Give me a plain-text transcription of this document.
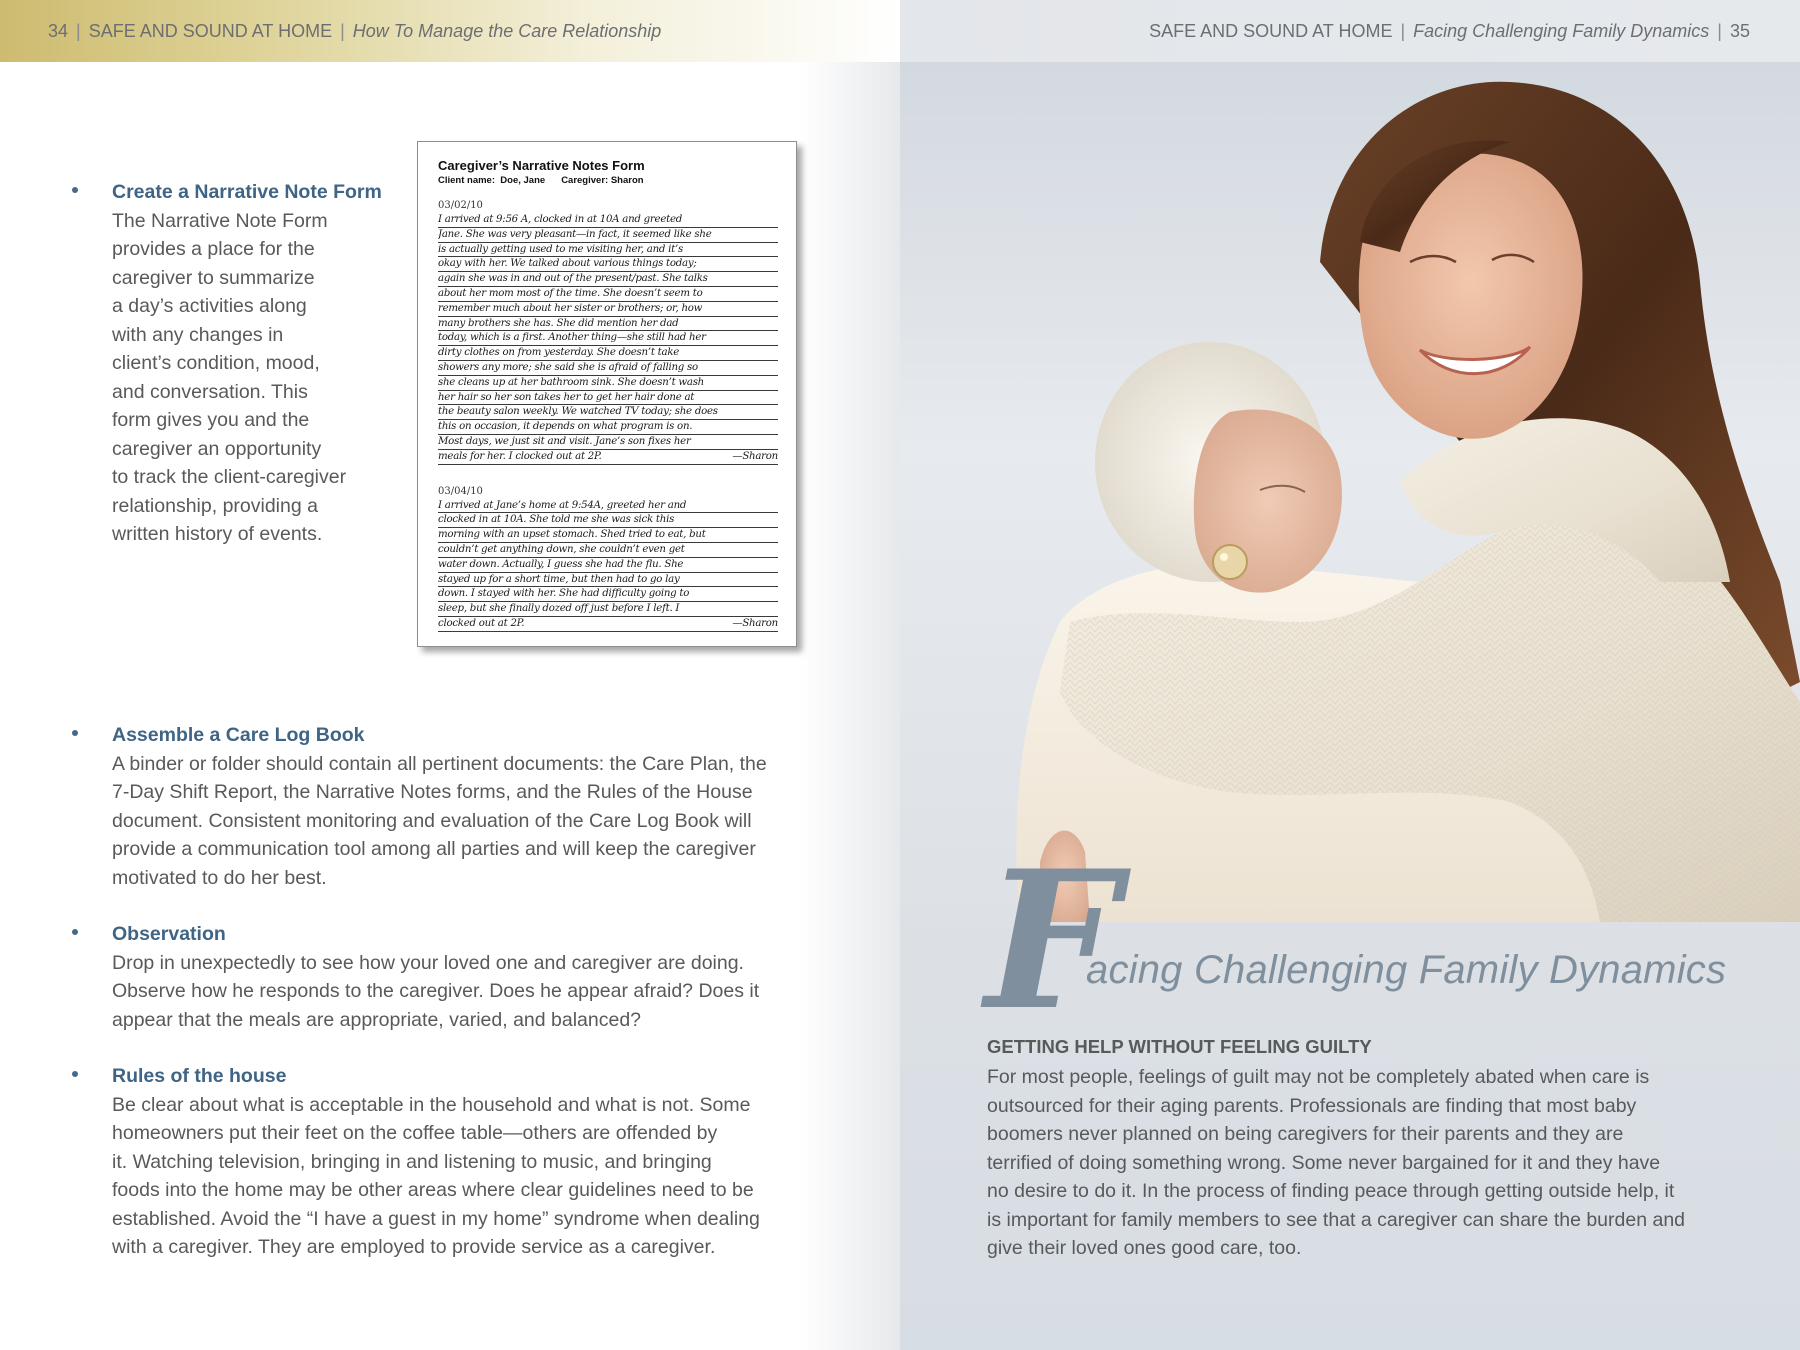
34 | SAFE AND SOUND AT HOME | How To Manage the Care Relationship	SAFE AND SOUND AT HOME | Facing Challenging Family Dynamics | 35
Create a Narrative Note Form
The Narrative Note Form
provides a place for the
caregiver to summarize
a day’s activities along
with any changes in
client’s condition, mood,
and conversation. This
form gives you and the
caregiver an opportunity
to track the client-caregiver
relationship, providing a
written history of events.
Caregiver’s Narrative Notes Form
Client name: Doe, Jane Caregiver: Sharon
03/02/10
I arrived at 9:56 A, clocked in at 10A and greeted
Jane. She was very pleasant—in fact, it seemed like she
is actually getting used to me visiting her, and it’s
okay with her. We talked about various things today;
again she was in and out of the present/past. She talks
about her mom most of the time. She doesn’t seem to
remember much about her sister or brothers; or, how
many brothers she has. She did mention her dad
today, which is a first. Another thing—she still had her
dirty clothes on from yesterday. She doesn’t take
showers any more; she said she is afraid of falling so
she cleans up at her bathroom sink. She doesn’t wash
her hair so her son takes her to get her hair done at
the beauty salon weekly. We watched TV today; she does
this on occasion, it depends on what program is on.
Most days, we just sit and visit. Jane’s son fixes her
meals for her. I clocked out at 2P.	—Sharon
03/04/10
I arrived at Jane’s home at 9:54A, greeted her and
clocked in at 10A. She told me she was sick this
morning with an upset stomach. Shed tried to eat, but
couldn’t get anything down, she couldn’t even get
water down. Actually, I guess she had the flu. She
stayed up for a short time, but then had to go lay
down. I stayed with her. She had difficulty going to
sleep, but she finally dozed off just before I left. I
clocked out at 2P.	—Sharon
Assemble a Care Log Book
A binder or folder should contain all pertinent documents: the Care Plan, the
7-Day Shift Report, the Narrative Notes forms, and the Rules of the House
document. Consistent monitoring and evaluation of the Care Log Book will
provide a communication tool among all parties and will keep the caregiver
motivated to do her best.
Observation
Drop in unexpectedly to see how your loved one and caregiver are doing.
Observe how he responds to the caregiver. Does he appear afraid? Does it
appear that the meals are appropriate, varied, and balanced?
Rules of the house
Be clear about what is acceptable in the household and what is not. Some
homeowners put their feet on the coffee table—others are offended by
it. Watching television, bringing in and listening to music, and bringing
foods into the home may be other areas where clear guidelines need to be
established. Avoid the “I have a guest in my home” syndrome when dealing
with a caregiver. They are employed to provide service as a caregiver.
F
acing Challenging Family Dynamics
GETTING HELP WITHOUT FEELING GUILTY
For most people, feelings of guilt may not be completely abated when care is
outsourced for their aging parents. Professionals are finding that most baby
boomers never planned on being caregivers for their parents and they are
terrified of doing something wrong. Some never bargained for it and they have
no desire to do it. In the process of finding peace through getting outside help, it
is important for family members to see that a caregiver can share the burden and
give their loved ones good care, too.
